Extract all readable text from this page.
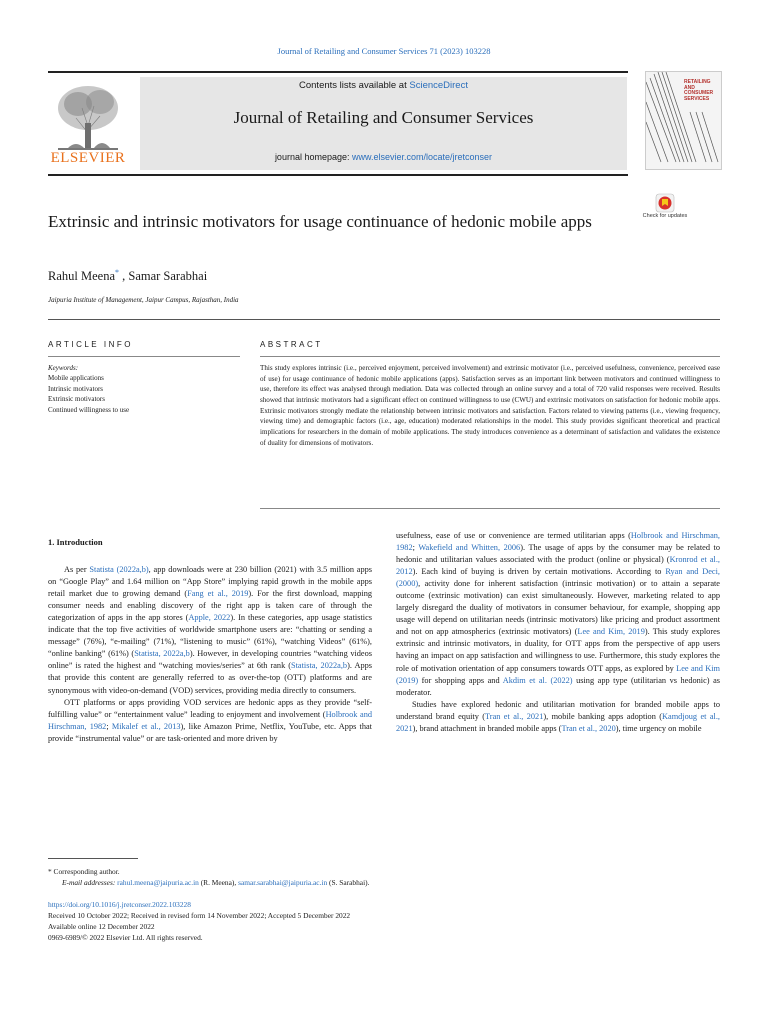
Journal of Retailing and Consumer Services 71 (2023) 103228
ELSEVIER
Contents lists available at ScienceDirect
Journal of Retailing and Consumer Services
journal homepage: www.elsevier.com/locate/jretconser
RETAILING
AND
CONSUMER
SERVICES
Check for updates
Extrinsic and intrinsic motivators for usage continuance of hedonic mobile apps
Rahul Meena* , Samar Sarabhai
Jaipuria Institute of Management, Jaipur Campus, Rajasthan, India
ARTICLE INFO
Keywords:
Mobile applications
Intrinsic motivators
Extrinsic motivators
Continued willingness to use
ABSTRACT
This study explores intrinsic (i.e., perceived enjoyment, perceived involvement) and extrinsic motivator (i.e., perceived usefulness, convenience, perceived ease of use) for usage continuance of hedonic mobile applications (apps). Satisfaction serves as an important link between motivators and continued willingness to use, therefore its effect was analysed through mediation. Data was collected through an online survey and a total of 720 valid responses were received. Results showed that intrinsic motivators had a significant effect on continued willingness to use (CWU) and extrinsic motivators on satisfaction for hedonic mobile apps. Extrinsic motivators strongly mediate the relationship between intrinsic motivators and satisfaction. Factors related to viewing patterns (i.e., viewing frequency, viewing time) and demographic factors (i.e., age, education) moderated relationships in the model. This study provides significant theoretical and practical implications for researchers in the domain of mobile applications. The study introduces convenience as a determinant of satisfaction and validates the existence of duality for dimensions of motivators.
1. Introduction

As per Statista (2022a,b), app downloads were at 230 billion (2021) with 3.5 million apps on “Google Play” and 1.64 million on “App Store” implying rapid growth in the mobile apps retail market due to growing demand (Fang et al., 2019). For the first download, mapping consumer needs and enabling discovery of the right app is taken care of through the categorization of apps in the app stores (Apple, 2022). In these categories, app usage statistics indicate that the top five activities of worldwide smartphone users are: “chatting or sending a message” (76%), “e-mailing” (71%), “listening to music” (61%), “watching Videos” (61%), “online banking” (61%) (Statista, 2022a,b). However, in developing countries “watching videos online” is rated the highest and “watching movies/series” at 6th rank (Statista, 2022a,b). Apps that provide this content are generally referred to as over-the-top (OTT) platforms and are synonymous with video-on-demand (VOD) services, providing media directly to consumers.

OTT platforms or apps providing VOD services are hedonic apps as they provide “self-fulfilling value” or “entertainment value” leading to enjoyment and involvement (Holbrook and Hirschman, 1982; Mikalef et al., 2013), like Amazon Prime, Netflix, YouTube, etc. Apps that provide “instrumental value” or are task-oriented and more driven by

usefulness, ease of use or convenience are termed utilitarian apps (Holbrook and Hirschman, 1982; Wakefield and Whitten, 2006). The usage of apps by the consumer may be related to hedonic and utilitarian values associated with the product (online or physical) (Kronrod et al., 2012). Each kind of buying is driven by certain motivations. According to Ryan and Deci, (2000), activity done for inherent satisfaction (intrinsic motivation) or to attain a separate outcome (extrinsic motivation) can exist simultaneously. However, marketing related to app largely disregard the duality of motivators in consumer behaviour, for example, shopping app usage will depend on utilitarian needs (intrinsic motivators) like pricing and product assortment and not on app atmospherics (extrinsic motivators) (Lee and Kim, 2019). This study explores extrinsic and intrinsic motivators, in duality, for OTT apps from the perspective of app users having an impact on app satisfaction and willingness to use. Furthermore, this study explores the role of motivation orientation of app consumers towards OTT apps, as explored by Lee and Kim (2019) for shopping apps and Akdim et al. (2022) using app type (utilitarian vs hedonic) as moderator.

Studies have explored hedonic and utilitarian motivation for branded mobile apps to understand brand equity (Tran et al., 2021), mobile banking apps adoption (Kamdjoug et al., 2021), brand attachment in branded mobile apps (Tran et al., 2020), time urgency on mobile

* Corresponding author.
E-mail addresses: rahul.meena@jaipuria.ac.in (R. Meena), samar.sarabhai@jaipuria.ac.in (S. Sarabhai).
https://doi.org/10.1016/j.jretconser.2022.103228
Received 10 October 2022; Received in revised form 14 November 2022; Accepted 5 December 2022
Available online 12 December 2022
0969-6989/© 2022 Elsevier Ltd. All rights reserved.
